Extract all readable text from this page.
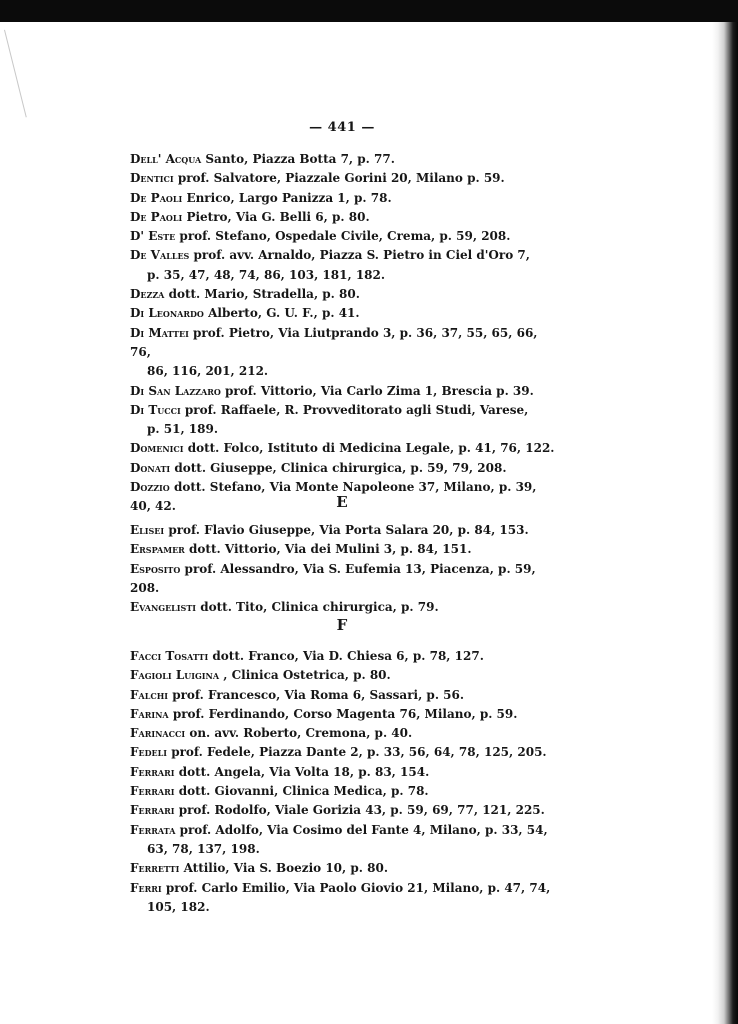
— 441 —
Dell' Acqua Santo, Piazza Botta 7, p. 77.
Dentici prof. Salvatore, Piazzale Gorini 20, Milano p. 59.
De Paoli Enrico, Largo Panizza 1, p. 78.
De Paoli Pietro, Via G. Belli 6, p. 80.
D' Este prof. Stefano, Ospedale Civile, Crema, p. 59, 208.
De Valles prof. avv. Arnaldo, Piazza S. Pietro in Ciel d'Oro 7,
p. 35, 47, 48, 74, 86, 103, 181, 182.
Dezza dott. Mario, Stradella, p. 80.
Di Leonardo Alberto, G. U. F., p. 41.
Di Mattei prof. Pietro, Via Liutprando 3, p. 36, 37, 55, 65, 66, 76,
86, 116, 201, 212.
Di San Lazzaro prof. Vittorio, Via Carlo Zima 1, Brescia p. 39.
Di Tucci prof. Raffaele, R. Provveditorato agli Studi, Varese,
p. 51, 189.
Domenici dott. Folco, Istituto di Medicina Legale, p. 41, 76, 122.
Donati dott. Giuseppe, Clinica chirurgica, p. 59, 79, 208.
Dozzio dott. Stefano, Via Monte Napoleone 37, Milano, p. 39, 40, 42.	E
Elisei prof. Flavio Giuseppe, Via Porta Salara 20, p. 84, 153.
Erspamer dott. Vittorio, Via dei Mulini 3, p. 84, 151.
Esposito prof. Alessandro, Via S. Eufemia 13, Piacenza, p. 59, 208.
Evangelisti dott. Tito, Clinica chirurgica, p. 79.
F
Facci Tosatti dott. Franco, Via D. Chiesa 6, p. 78, 127.
Fagioli Luigina , Clinica Ostetrica, p. 80.
Falchi prof. Francesco, Via Roma 6, Sassari, p. 56.
Farina prof. Ferdinando, Corso Magenta 76, Milano, p. 59.
Farinacci on. avv. Roberto, Cremona, p. 40.
Fedeli prof. Fedele, Piazza Dante 2, p. 33, 56, 64, 78, 125, 205.
Ferrari dott. Angela, Via Volta 18, p. 83, 154.
Ferrari dott. Giovanni, Clinica Medica, p. 78.
Ferrari prof. Rodolfo, Viale Gorizia 43, p. 59, 69, 77, 121, 225.
Ferrata prof. Adolfo, Via Cosimo del Fante 4, Milano, p. 33, 54,
63, 78, 137, 198.
Ferretti Attilio, Via S. Boezio 10, p. 80.
Ferri prof. Carlo Emilio, Via Paolo Giovio 21, Milano, p. 47, 74,
105, 182.
